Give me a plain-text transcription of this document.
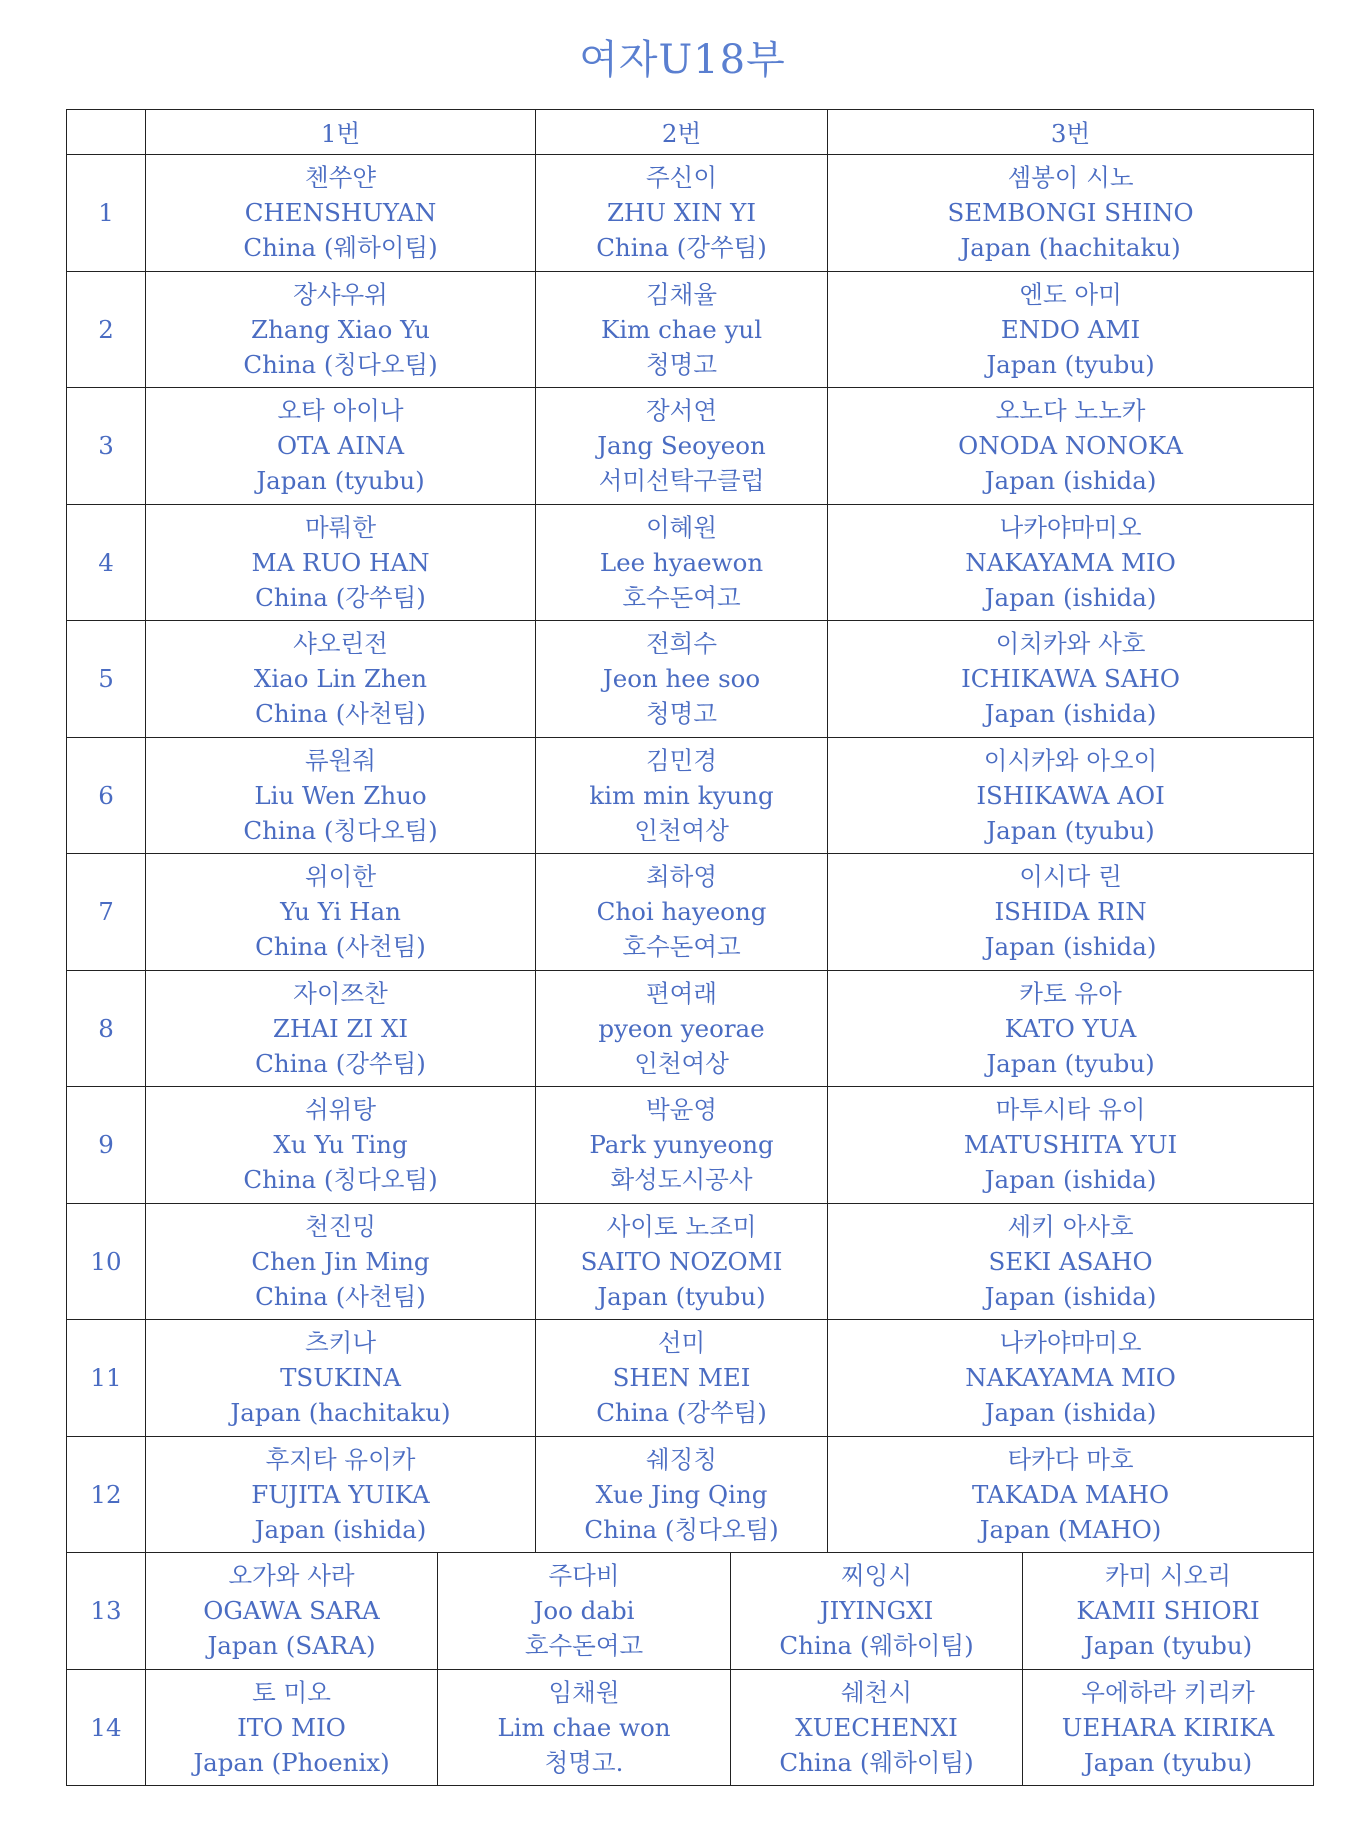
여자U18부
	1번		2번		3번	
1	첸쑤얀
CHENSHUYAN
China (웨하이팀)		주신이
ZHU XIN YI
China (강쑤팀)		셈봉이 시노
SEMBONGI SHINO
Japan (hachitaku)	

2	장샤우위
Zhang Xiao Yu
China (칭다오팀)		김채율
Kim chae yul
청명고		엔도 아미
ENDO AMI
Japan (tyubu)	

3	오타 아이나
OTA AINA
Japan (tyubu)		장서연
Jang Seoyeon
서미선탁구클럽		오노다 노노카
ONODA NONOKA
Japan (ishida)	

4	마뤄한
MA RUO HAN
China (강쑤팀)		이혜원
Lee hyaewon
호수돈여고		나카야마미오
NAKAYAMA MIO
Japan (ishida)	

5	샤오린전
Xiao Lin Zhen
China (사천팀)		전희수
Jeon hee soo
청명고		이치카와 사호
ICHIKAWA SAHO
Japan (ishida)	

6	류원줘
Liu Wen Zhuo
China (칭다오팀)		김민경
kim min kyung
인천여상		이시카와 아오이
ISHIKAWA AOI
Japan (tyubu)	

7	위이한
Yu Yi Han
China (사천팀)		최하영
Choi hayeong
호수돈여고		이시다 린
ISHIDA RIN
Japan (ishida)	

8	자이쯔찬
ZHAI ZI XI
China (강쑤팀)		편여래
pyeon yeorae
인천여상		카토 유아
KATO YUA
Japan (tyubu)	

9	쉬위탕
Xu Yu Ting
China (칭다오팀)		박윤영
Park yunyeong
화성도시공사		마투시타 유이
MATUSHITA YUI
Japan (ishida)	

10	천진밍
Chen Jin Ming
China (사천팀)		사이토 노조미
SAITO NOZOMI
Japan (tyubu)		세키 아사호
SEKI ASAHO
Japan (ishida)	

11	츠키나
TSUKINA
Japan (hachitaku)		선미
SHEN MEI
China (강쑤팀)		나카야마미오
NAKAYAMA MIO
Japan (ishida)	

12	후지타 유이카
FUJITA YUIKA
Japan (ishida)		쉐징칭
Xue Jing Qing
China (칭다오팀)		타카다 마호
TAKADA MAHO
Japan (MAHO)	

13	오가와 사라
OGAWA SARA
Japan (SARA)	주다비
Joo dabi
호수돈여고		찌잉시
JIYINGXI
China (웨하이팀)		카미 시오리
KAMII SHIORI
Japan (tyubu)

14	토 미오
ITO MIO
Japan (Phoenix)	임채원
Lim chae won
청명고.		쉐천시
XUECHENXI
China (웨하이팀)		우에하라 키리카
UEHARA KIRIKA
Japan (tyubu)
